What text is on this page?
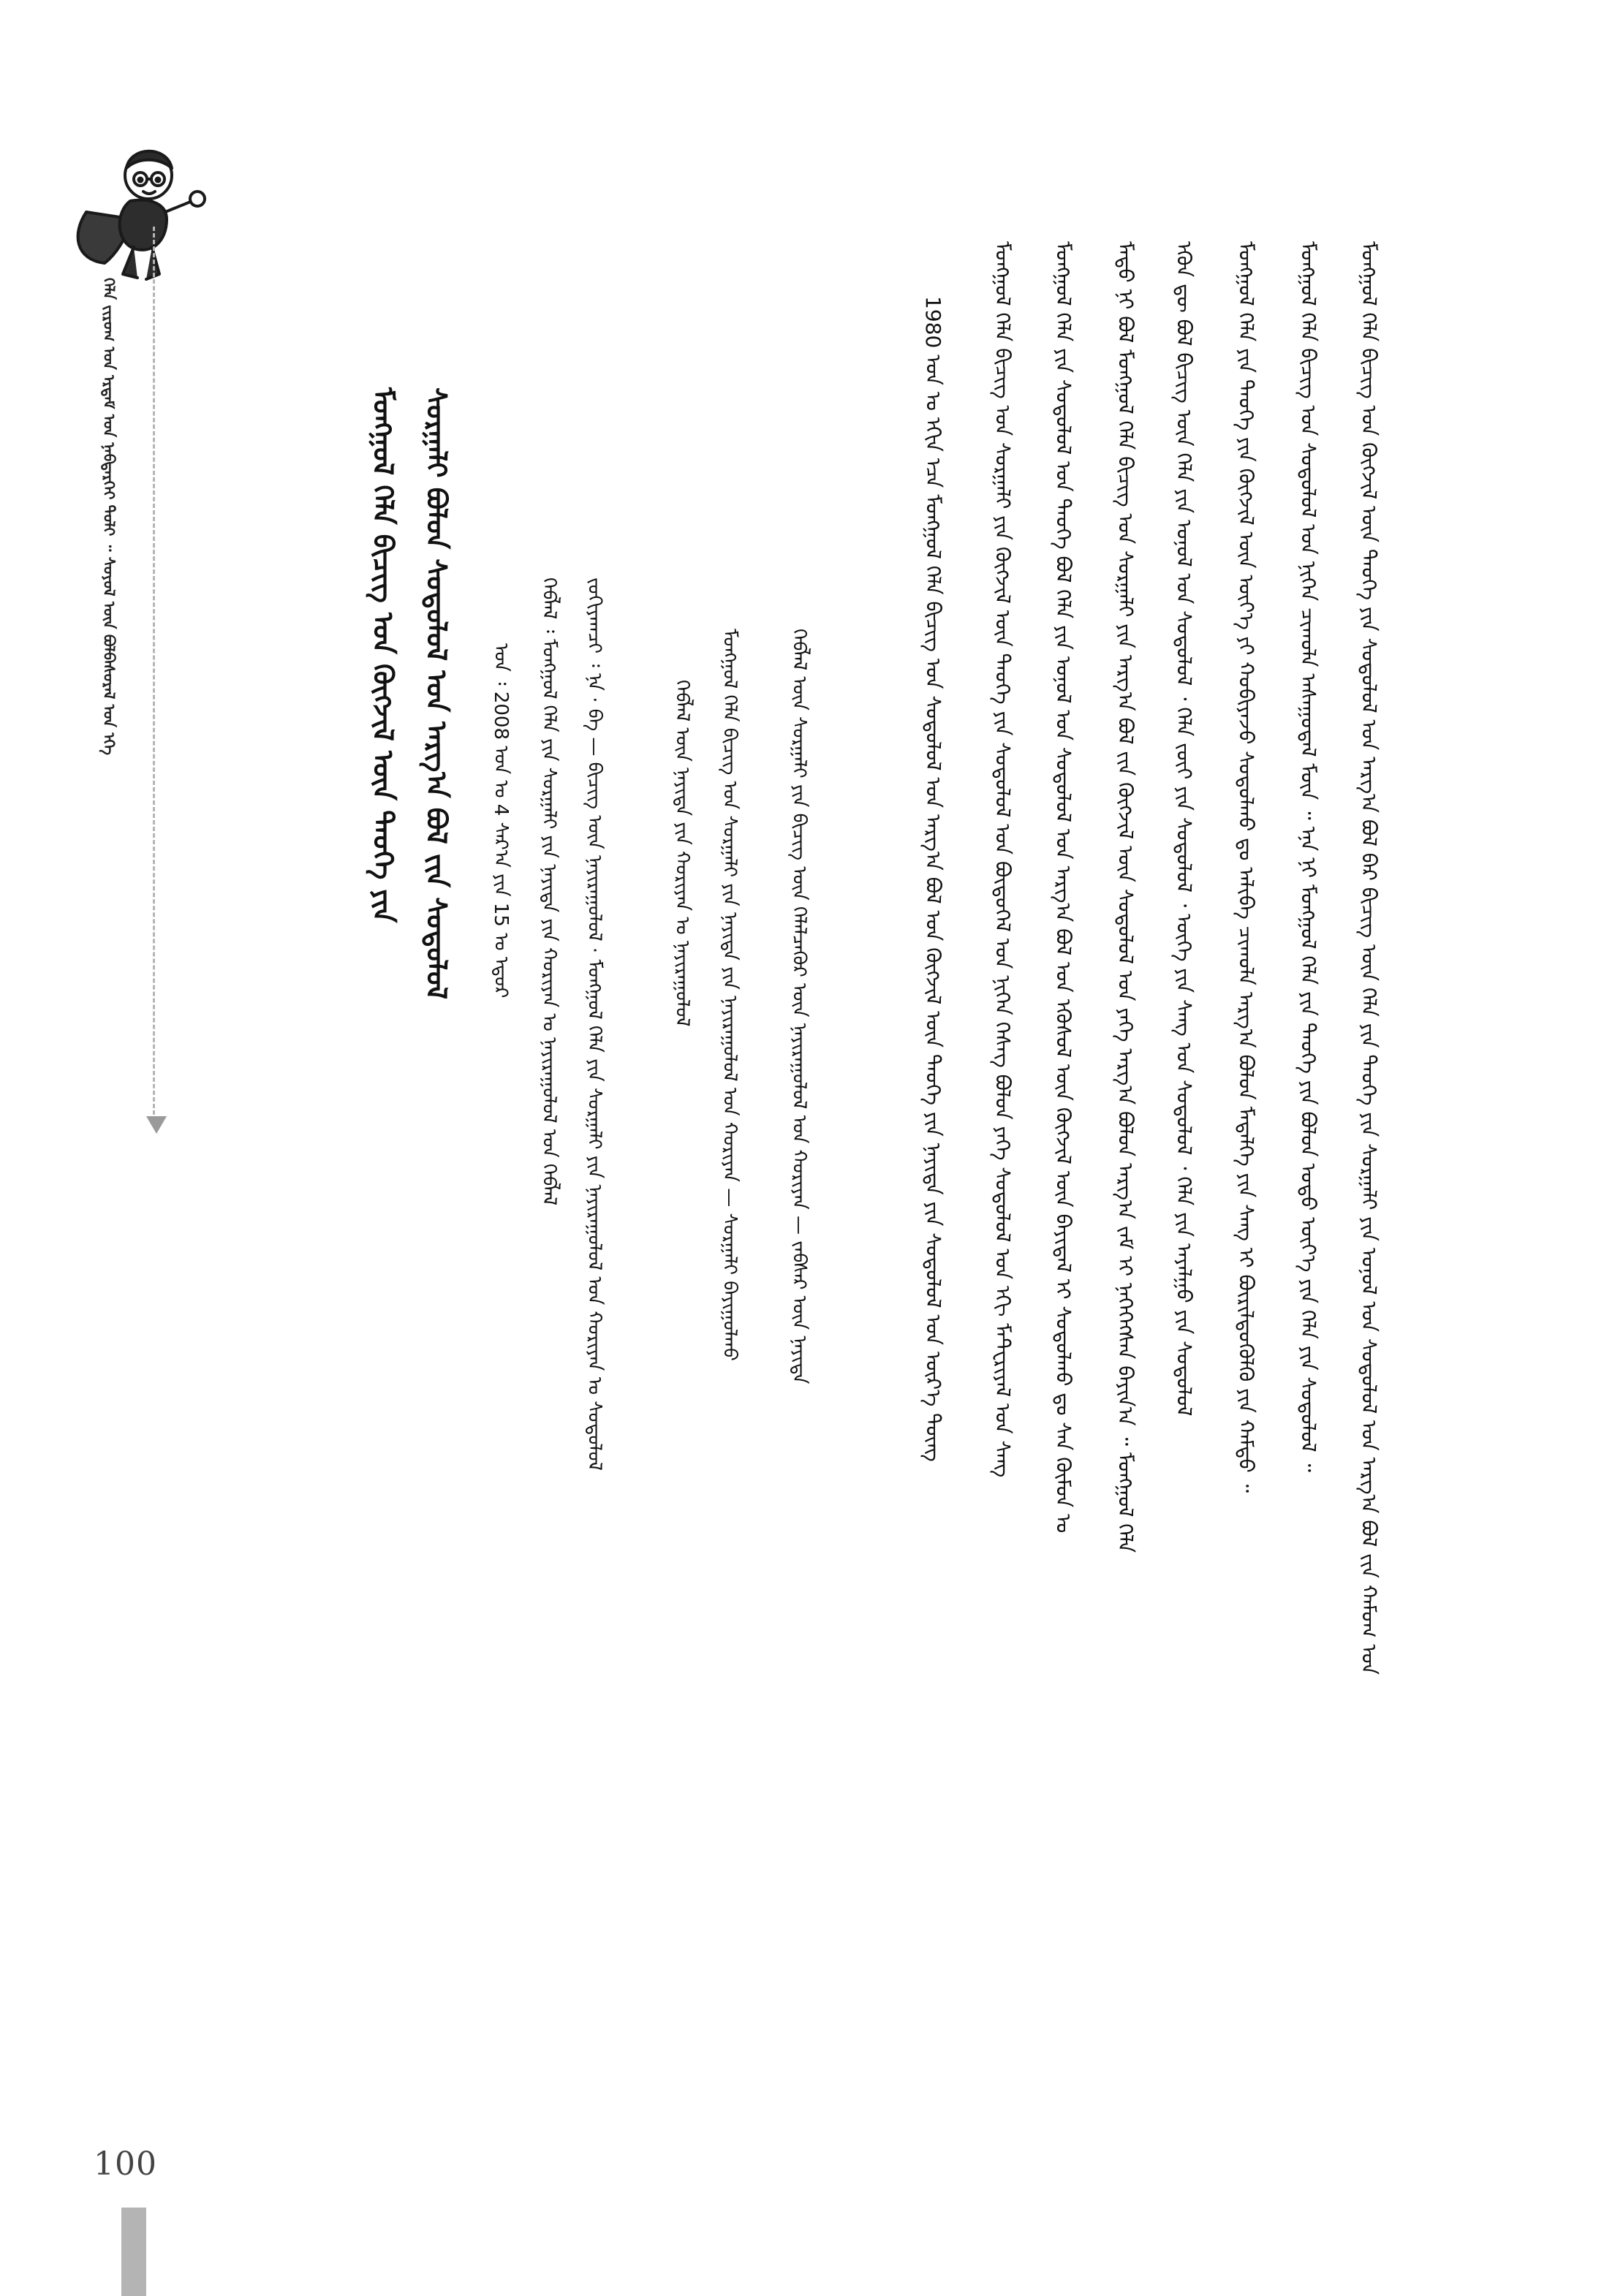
ᠬᠡᠯᠡ ᠵᠢᠷᠤᠭ ᠤᠨ ᠡᠷᠳᠡᠮ ᠤᠨ ᠨᠡᠪᠲᠡᠷᠬᠡᠢ ᠲᠣᠯᠢ ᠃ ᠰᠣᠶᠣᠯ ᠦᠨ ᠪᠣᠯᠪᠠᠰᠤᠷᠠᠯ ᠤᠨ ᠡᠬᠡ	ᠮᠣᠩᠭᠣᠯ ᠬᠡᠯᠡ ᠪᠢᠴᠢᠭ ᠤᠨ ᠬᠥᠭᠵᠢᠯ ᠦᠨ ᠲᠡᠦᠬᠡ ᠶᠢᠨ ᠰᠤᠷᠭᠠᠯᠢ ᠪᠣᠯᠤᠨ ᠰᠤᠳᠤᠯᠤᠯ ᠤᠨ ᠠᠷᠭ᠎ᠠ ᠪᠣᠯ ᠵᠢᠨ ᠰᠤᠳᠤᠯᠤᠯ ᠣᠨ ᠄ 2008 ᠣᠨ ᠤ 4 ᠰᠠᠷ᠎ᠠ ᠶᠢᠨ 15 ᠤ ᠡᠳᠦᠷ ᠬᠡᠪᠯᠡᠯ ᠄ ᠮᠣᠩᠭᠣᠯ ᠬᠡᠯᠡ ᠶᠢᠨ ᠰᠤᠷᠭᠠᠯᠢ ᠶᠢᠨ ᠨᠡᠶᠢᠲᠡ ᠶᠢᠨ ᠬᠣᠷᠢᠶᠠᠨ ᠤ ᠨᠠᠶᠢᠷᠠᠭᠤᠯᠤᠯ ᠤᠨ ᠬᠡᠪᠯᠡᠯ ᠵᠣᠬᠢᠶᠠᠭᠴᠢ ᠄ ᠨᠠ · ᠪᠠ — ᠪᠢᠴᠢᠭ ᠦᠨ ᠨᠠᠶᠢᠷᠠᠭᠤᠯᠤᠯ · ᠮᠣᠩᠭᠣᠯ ᠬᠡᠯᠡ ᠶᠢᠨ ᠰᠤᠷᠭᠠᠯᠢ ᠶᠢᠨ ᠨᠠᠶᠢᠷᠠᠭᠤᠯᠤᠯ ᠤᠨ ᠬᠣᠷᠢᠶᠠᠨ ᠤ ᠰᠤᠳᠤᠯᠤᠯ	ᠬᠡᠪᠯᠡᠯ ᠦᠨ ᠨᠡᠶᠢᠲᠡ ᠶᠢᠨ ᠬᠣᠷᠢᠶᠠᠨ ᠤ ᠨᠠᠶᠢᠷᠠᠭᠤᠯᠤᠯ ᠮᠣᠩᠭᠣᠯ ᠬᠡᠯᠡ ᠪᠢᠴᠢᠭ ᠤᠨ ᠰᠤᠷᠭᠠᠯᠢ ᠶᠢᠨ ᠨᠡᠶᠢᠲᠡ ᠶᠢᠨ ᠨᠠᠶᠢᠷᠠᠭᠤᠯᠤᠯ ᠤᠨ ᠬᠣᠷᠢᠶᠠᠨ — ᠰᠤᠷᠭᠠᠯᠢ ᠪᠠᠶᠢᠭᠤᠯᠬᠤ	ᠬᠡᠪᠯᠡᠯ ᠦᠨ ᠰᠤᠷᠭᠠᠯᠢ ᠶᠢᠨ ᠪᠢᠴᠢᠭ ᠦᠨ ᠬᠡᠯᠡᠯᠴᠡᠭᠦᠷ ᠦᠨ ᠨᠠᠶᠢᠷᠠᠭᠤᠯᠤᠯ ᠤᠨ ᠬᠣᠷᠢᠶᠠᠨ — ᠵᠠᠪᠰᠠᠷ ᠦᠨ ᠨᠡᠶᠢᠲᠡ	1980 ᠣᠨ ᠤ ᠡᠬᠢᠨ ᠡᠴᠡ ᠮᠣᠩᠭᠣᠯ ᠬᠡᠯᠡ ᠪᠢᠴᠢᠭ ᠤᠨ ᠰᠤᠳᠤᠯᠤᠯ ᠤᠨ ᠠᠷᠭ᠎ᠠ ᠪᠣᠯ ᠤᠨ ᠬᠥᠭᠵᠢᠯ ᠦᠨ ᠲᠡᠦᠬᠡ ᠶᠢᠨ ᠨᠡᠶᠢᠲᠡ ᠶᠢᠨ ᠰᠤᠳᠤᠯᠤᠯ ᠤᠨ ᠦᠷ᠎ᠡ ᠳᠦᠩ ᠮᠣᠩᠭᠣᠯ ᠬᠡᠯᠡ ᠪᠢᠴᠢᠭ ᠤᠨ ᠰᠤᠷᠭᠠᠯᠢ ᠶᠢᠨ ᠬᠥᠭᠵᠢᠯ ᠦᠨ ᠲᠡᠦᠬᠡ ᠶᠢᠨ ᠰᠤᠳᠤᠯᠤᠯ ᠤᠨ ᠪᠦᠲᠦᠭᠡᠯ ᠤᠨ ᠨᠢᠭᠡᠨ ᠬᠡᠰᠡᠭ ᠪᠣᠯᠤᠨ ᠶᠡᠬᠡ ᠰᠤᠳᠤᠯᠤᠯ ᠤᠨ ᠡᠬᠢ ᠮᠠᠲᠧᠷᠢᠶᠠᠯ ᠤᠨ ᠰᠠᠩ ᠮᠣᠩᠭᠣᠯ ᠬᠡᠯᠡ ᠶᠢᠨ ᠰᠤᠳᠤᠯᠤᠯ ᠤᠨ ᠲᠡᠦᠬᠡ ᠪᠣᠯ ᠬᠡᠯᠡ ᠶᠢᠨ ᠣᠨᠣᠯ ᠤᠨ ᠰᠤᠳᠤᠯᠤᠯ ᠤᠨ ᠠᠷᠭ᠎ᠠ ᠪᠣᠯ ᠤᠨ ᠡᠭᠦᠰᠦᠯ ᠦᠨ ᠬᠥᠭᠵᠢᠯ ᠦᠨ ᠪᠠᠶᠢᠳᠠᠯ ᠢ ᠰᠤᠳᠤᠯᠬᠤ ᠳᠤ ᠰᠠᠨ ᠬᠥᠮᠦᠨ ᠤ ᠮᠡᠳᠦ ᠨᠢ ᠪᠣᠯ ᠮᠣᠩᠭᠣᠯ ᠬᠡᠯᠡ ᠪᠢᠴᠢᠭ ᠤᠨ ᠰᠤᠷᠭᠠᠯᠢ ᠶᠢᠨ ᠠᠷᠭ᠎ᠠ ᠪᠣᠯ ᠵᠢᠨ ᠬᠥᠭᠵᠢᠯ ᠦᠨ ᠰᠤᠳᠤᠯᠤᠯ ᠤᠨ ᠶᠡᠬᠡ ᠠᠷᠭ᠎ᠠ ᠪᠣᠯᠤᠨ ᠠᠷᠭ᠎ᠠ ᠵᠠᠮ ᠢ ᠨᠡᠭᠡᠭᠡᠭᠰᠡᠨ ᠪᠠᠶᠢᠨ᠎ᠠ ᠃ ᠮᠣᠩᠭᠣᠯ ᠬᠡᠯᠡ ᠡᠭᠦᠨ ᠳᠦ ᠪᠣᠯ ᠪᠢᠴᠢᠭ ᠦᠨ ᠬᠡᠯᠡ ᠶᠢᠨ ᠣᠨᠣᠯ ᠤᠨ ᠰᠤᠳᠤᠯᠤᠯ ᠂ ᠬᠡᠯᠡ ᠵᠦᠢ ᠶᠢᠨ ᠰᠤᠳᠤᠯᠤᠯ ᠂ ᠦᠭᠡ ᠶᠢᠨ ᠰᠠᠩ ᠤᠨ ᠰᠤᠳᠤᠯᠤᠯ ᠂ ᠬᠡᠯᠡ ᠶᠢᠨ ᠠᠶᠠᠯᠭᠤ ᠶᠢᠨ ᠰᠤᠳᠤᠯᠤᠯ ᠮᠣᠩᠭᠣᠯ ᠬᠡᠯᠡ ᠶᠢᠨ ᠲᠡᠦᠬᠡ ᠶᠢᠨ ᠬᠥᠭᠵᠢᠯ ᠦᠨ ᠦᠶ᠎ᠡ ᠶᠢ ᠬᠤᠪᠢᠶᠠᠵᠤ ᠰᠤᠳᠤᠯᠬᠤ ᠳᠤ ᠠᠯᠢᠪᠠ ᠴᠢᠬᠤᠯᠠ ᠠᠷᠭ᠎ᠠ ᠪᠣᠯᠤᠨ ᠮᠡᠳᠡᠯᠭᠡ ᠶᠢᠨ ᠰᠠᠩ ᠢ ᠪᠦᠷᠢᠯᠳᠦᠭᠦᠯᠬᠦ ᠶᠢᠨ ᠬᠠᠮᠲᠤ ᠃ ᠮᠣᠩᠭᠣᠯ ᠬᠡᠯᠡ ᠪᠢᠴᠢᠭ ᠤᠨ ᠰᠤᠳᠤᠯᠤᠯ ᠤᠨ ᠨᠢᠭᠡᠨ ᠴᠢᠬᠤᠯᠠ ᠠᠰᠠᠭᠤᠳᠠᠯ ᠮᠥᠨ ᠃ ᠡᠨᠡ ᠨᠢ ᠮᠣᠩᠭᠣᠯ ᠬᠡᠯᠡ ᠶᠢᠨ ᠲᠡᠦᠬᠡ ᠶᠢᠨ ᠪᠣᠯᠤᠨ ᠣᠳᠣ ᠦᠶ᠎ᠡ ᠶᠢᠨ ᠬᠡᠯᠡ ᠶᠢᠨ ᠰᠤᠳᠤᠯᠤᠯ ᠃ ᠮᠣᠩᠭᠣᠯ ᠬᠡᠯᠡ ᠪᠢᠴᠢᠭ ᠤᠨ ᠬᠥᠭᠵᠢᠯ ᠦᠨ ᠲᠡᠦᠬᠡ ᠶᠢᠨ ᠰᠤᠳᠤᠯᠤᠯ ᠤᠨ ᠠᠷᠭ᠎ᠠ ᠪᠣᠯ ᠪᠡᠷ ᠪᠢᠴᠢᠭ ᠦᠨ ᠬᠡᠯᠡ ᠶᠢᠨ ᠲᠡᠦᠬᠡ ᠶᠢᠨ ᠰᠤᠷᠭᠠᠯᠢ ᠶᠢᠨ ᠣᠨᠣᠯ ᠤᠨ ᠰᠤᠳᠤᠯᠤᠯ ᠤᠨ ᠠᠷᠭ᠎ᠠ ᠪᠣᠯ ᠵᠢᠨ ᠬᠠᠮᠤᠭ ᠤᠨ
100
